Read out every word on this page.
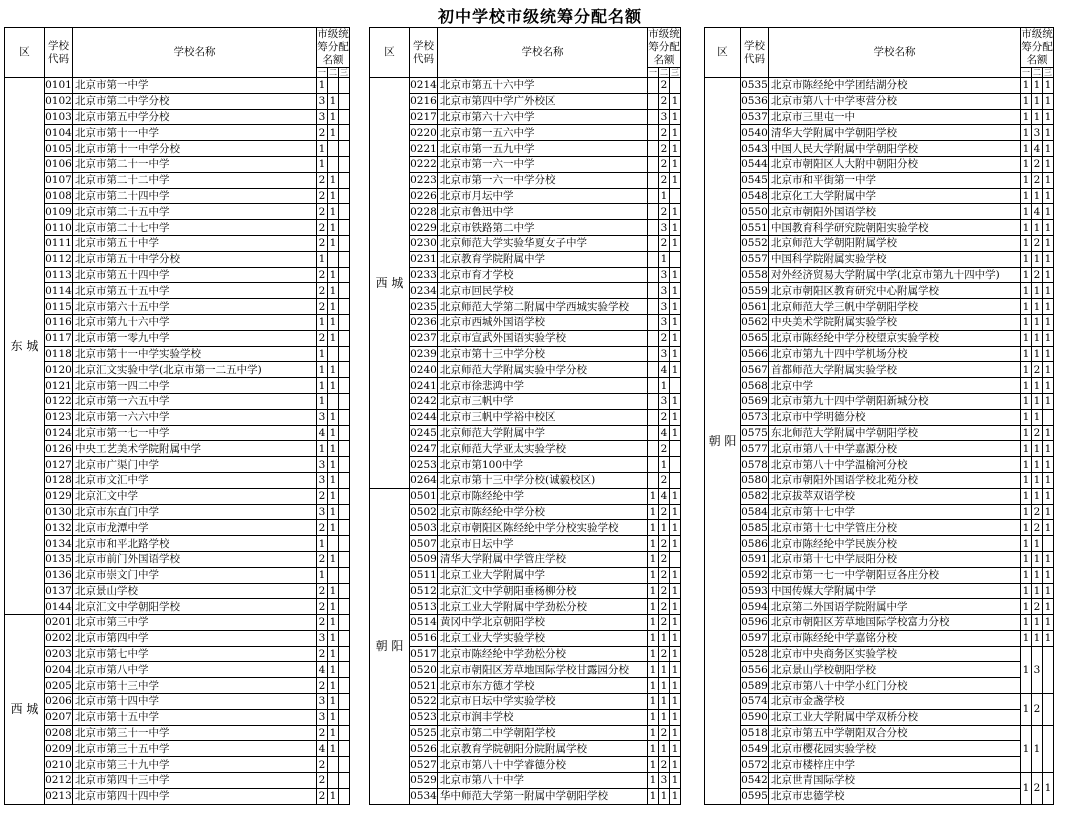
初中学校市级统筹分配名额
区	学校代码	学校名称	市级统筹分配名额		
			一	二	三
东 城	0101	北京市第一中学	1		
	0102	北京市第二中学分校	3	1	
	0103	北京市第五中学分校	3	1	
	0104	北京市第十一中学	2	1	
	0105	北京市第十一中学分校	1		
	0106	北京市第二十一中学	1		
	0107	北京市第二十二中学	2	1	
	0108	北京市第二十四中学	2	1	
	0109	北京市第二十五中学	2	1	
	0110	北京市第二十七中学	2	1	
	0111	北京市第五十中学	2	1	
	0112	北京市第五十中学分校	1		
	0113	北京市第五十四中学	2	1	
	0114	北京市第五十五中学	2	1	
	0115	北京市第六十五中学	2	1	
	0116	北京市第九十六中学	1	1	
	0117	北京市第一零九中学	2	1	
	0118	北京市第十一中学实验学校	1		
	0120	北京汇文实验中学(北京市第一二五中学)	1	1	
	0121	北京市第一四二中学	1	1	
	0122	北京市第一六五中学	1		
	0123	北京市第一六六中学	3	1	
	0124	北京市第一七一中学	4	1	
	0126	中央工艺美术学院附属中学	1	1	
	0127	北京市广渠门中学	3	1	
	0128	北京市文汇中学	3	1	
	0129	北京汇文中学	2	1	
	0130	北京市东直门中学	3	1	
	0132	北京市龙潭中学	2	1	
	0134	北京市和平北路学校	1		
	0135	北京市前门外国语学校	2	1	
	0136	北京市崇文门中学	1		
	0137	北京景山学校	2	1	
	0144	北京汇文中学朝阳学校	2	1	
西 城	0201	北京市第三中学	2	1	
	0202	北京市第四中学	3	1	
	0203	北京市第七中学	2	1	
	0204	北京市第八中学	4	1	
	0205	北京市第十三中学	2	1	
	0206	北京市第十四中学	3	1	
	0207	北京市第十五中学	3	1	
	0208	北京市第三十一中学	2	1	
	0209	北京市第三十五中学	4	1	
	0210	北京市第三十九中学	2		
	0212	北京市第四十三中学	2		
	0213	北京市第四十四中学	2	1	
区	学校代码	学校名称	市级统筹分配名额		
			一	二	三
西 城	0214	北京市第五十六中学		2	
	0216	北京市第四中学广外校区		2	1
	0217	北京市第六十六中学		3	1
	0220	北京市第一五六中学		2	1
	0221	北京市第一五九中学		2	1
	0222	北京市第一六一中学		2	1
	0223	北京市第一六一中学分校		2	1
	0226	北京市月坛中学		1	
	0228	北京市鲁迅中学		2	1
	0229	北京市铁路第二中学		3	1
	0230	北京师范大学实验华夏女子中学		2	1
	0231	北京教育学院附属中学		1	
	0233	北京市育才学校		3	1
	0234	北京市回民学校		3	1
	0235	北京师范大学第二附属中学西城实验学校		3	1
	0236	北京市西城外国语学校		3	1
	0237	北京市宣武外国语实验学校		2	1
	0239	北京市第十三中学分校		3	1
	0240	北京师范大学附属实验中学分校		4	1
	0241	北京市徐悲鸿中学		1	
	0242	北京市三帆中学		3	1
	0244	北京市三帆中学裕中校区		2	1
	0245	北京师范大学附属中学		4	1
	0247	北京师范大学亚太实验学校		2	
	0253	北京市第100中学		1	
	0264	北京市第十三中学分校(诚毅校区)		2	
朝 阳	0501	北京市陈经纶中学	1	4	1
	0502	北京市陈经纶中学分校	1	2	1
	0503	北京市朝阳区陈经纶中学分校实验学校	1	1	1
	0507	北京市日坛中学	1	2	1
	0509	清华大学附属中学管庄学校	1	2	
	0511	北京工业大学附属中学	1	2	1
	0512	北京汇文中学朝阳垂杨柳分校	1	2	1
	0513	北京工业大学附属中学劲松分校	1	2	1
	0514	黄冈中学北京朝阳学校	1	2	1
	0516	北京工业大学实验学校	1	1	1
	0517	北京市陈经纶中学劲松分校	1	2	1
	0520	北京市朝阳区芳草地国际学校甘露园分校	1	1	1
	0521	北京市东方德才学校	1	1	1
	0522	北京市日坛中学实验学校	1	1	1
	0523	北京市润丰学校	1	1	1
	0525	北京市第二中学朝阳学校	1	2	1
	0526	北京教育学院朝阳分院附属学校	1	1	1
	0527	北京市第八十中学睿德分校	1	2	1
	0529	北京市第八十中学	1	3	1
	0534	华中师范大学第一附属中学朝阳学校	1	1	1
区	学校代码	学校名称	市级统筹分配名额		
			一	二	三
朝 阳	0535	北京市陈经纶中学团结湖分校	1	1	1
	0536	北京市第八十中学枣营分校	1	1	1
	0537	北京市三里屯一中	1	1	1
	0540	清华大学附属中学朝阳学校	1	3	1
	0543	中国人民大学附属中学朝阳学校	1	4	1
	0544	北京市朝阳区人大附中朝阳分校	1	2	1
	0545	北京市和平街第一中学	1	2	1
	0548	北京化工大学附属中学	1	1	1
	0550	北京市朝阳外国语学校	1	4	1
	0551	中国教育科学研究院朝阳实验学校	1	1	1
	0552	北京师范大学朝阳附属学校	1	2	1
	0557	中国科学院附属实验学校	1	1	1
	0558	对外经济贸易大学附属中学(北京市第九十四中学)	1	2	1
	0559	北京市朝阳区教育研究中心附属学校	1	1	1
	0561	北京师范大学三帆中学朝阳学校	1	1	1
	0562	中央美术学院附属实验学校	1	1	1
	0565	北京市陈经纶中学分校望京实验学校	1	1	1
	0566	北京市第九十四中学机场分校	1	1	1
	0567	首都师范大学附属实验学校	1	2	1
	0568	北京中学	1	1	1
	0569	北京市第九十四中学朝阳新城分校	1	1	1
	0573	北京市中学明德分校	1	1	
	0575	东北师范大学附属中学朝阳学校	1	2	1
	0577	北京市第八十中学嘉源分校	1	1	1
	0578	北京市第八十中学温榆河分校	1	1	1
	0580	北京市朝阳外国语学校北苑分校	1	1	1
	0582	北京拔萃双语学校	1	1	1
	0584	北京市第十七中学	1	2	1
	0585	北京市第十七中学管庄分校	1	2	1
	0586	北京市陈经纶中学民族分校	1	1	
	0591	北京市第十七中学辰阳分校	1	1	1
	0592	北京市第一七一中学朝阳豆各庄分校	1	1	1
	0593	中国传媒大学附属中学	1	1	1
	0594	北京第二外国语学院附属中学	1	2	1
	0596	北京市朝阳区芳草地国际学校富力分校	1	1	1
	0597	北京市陈经纶中学嘉铭分校	1	1	1
	0528	北京市中央商务区实验学校	1	3	
	0556	北京景山学校朝阳学校			
	0589	北京市第八十中学小红门分校			
	0574	北京市金盏学校	1	2	
	0590	北京工业大学附属中学双桥分校			
	0518	北京市第五中学朝阳双合分校	1	1	
	0549	北京市樱花园实验学校			
	0572	北京市楼梓庄中学			
	0542	北京世青国际学校	1	2	1
	0595	北京市忠德学校			
